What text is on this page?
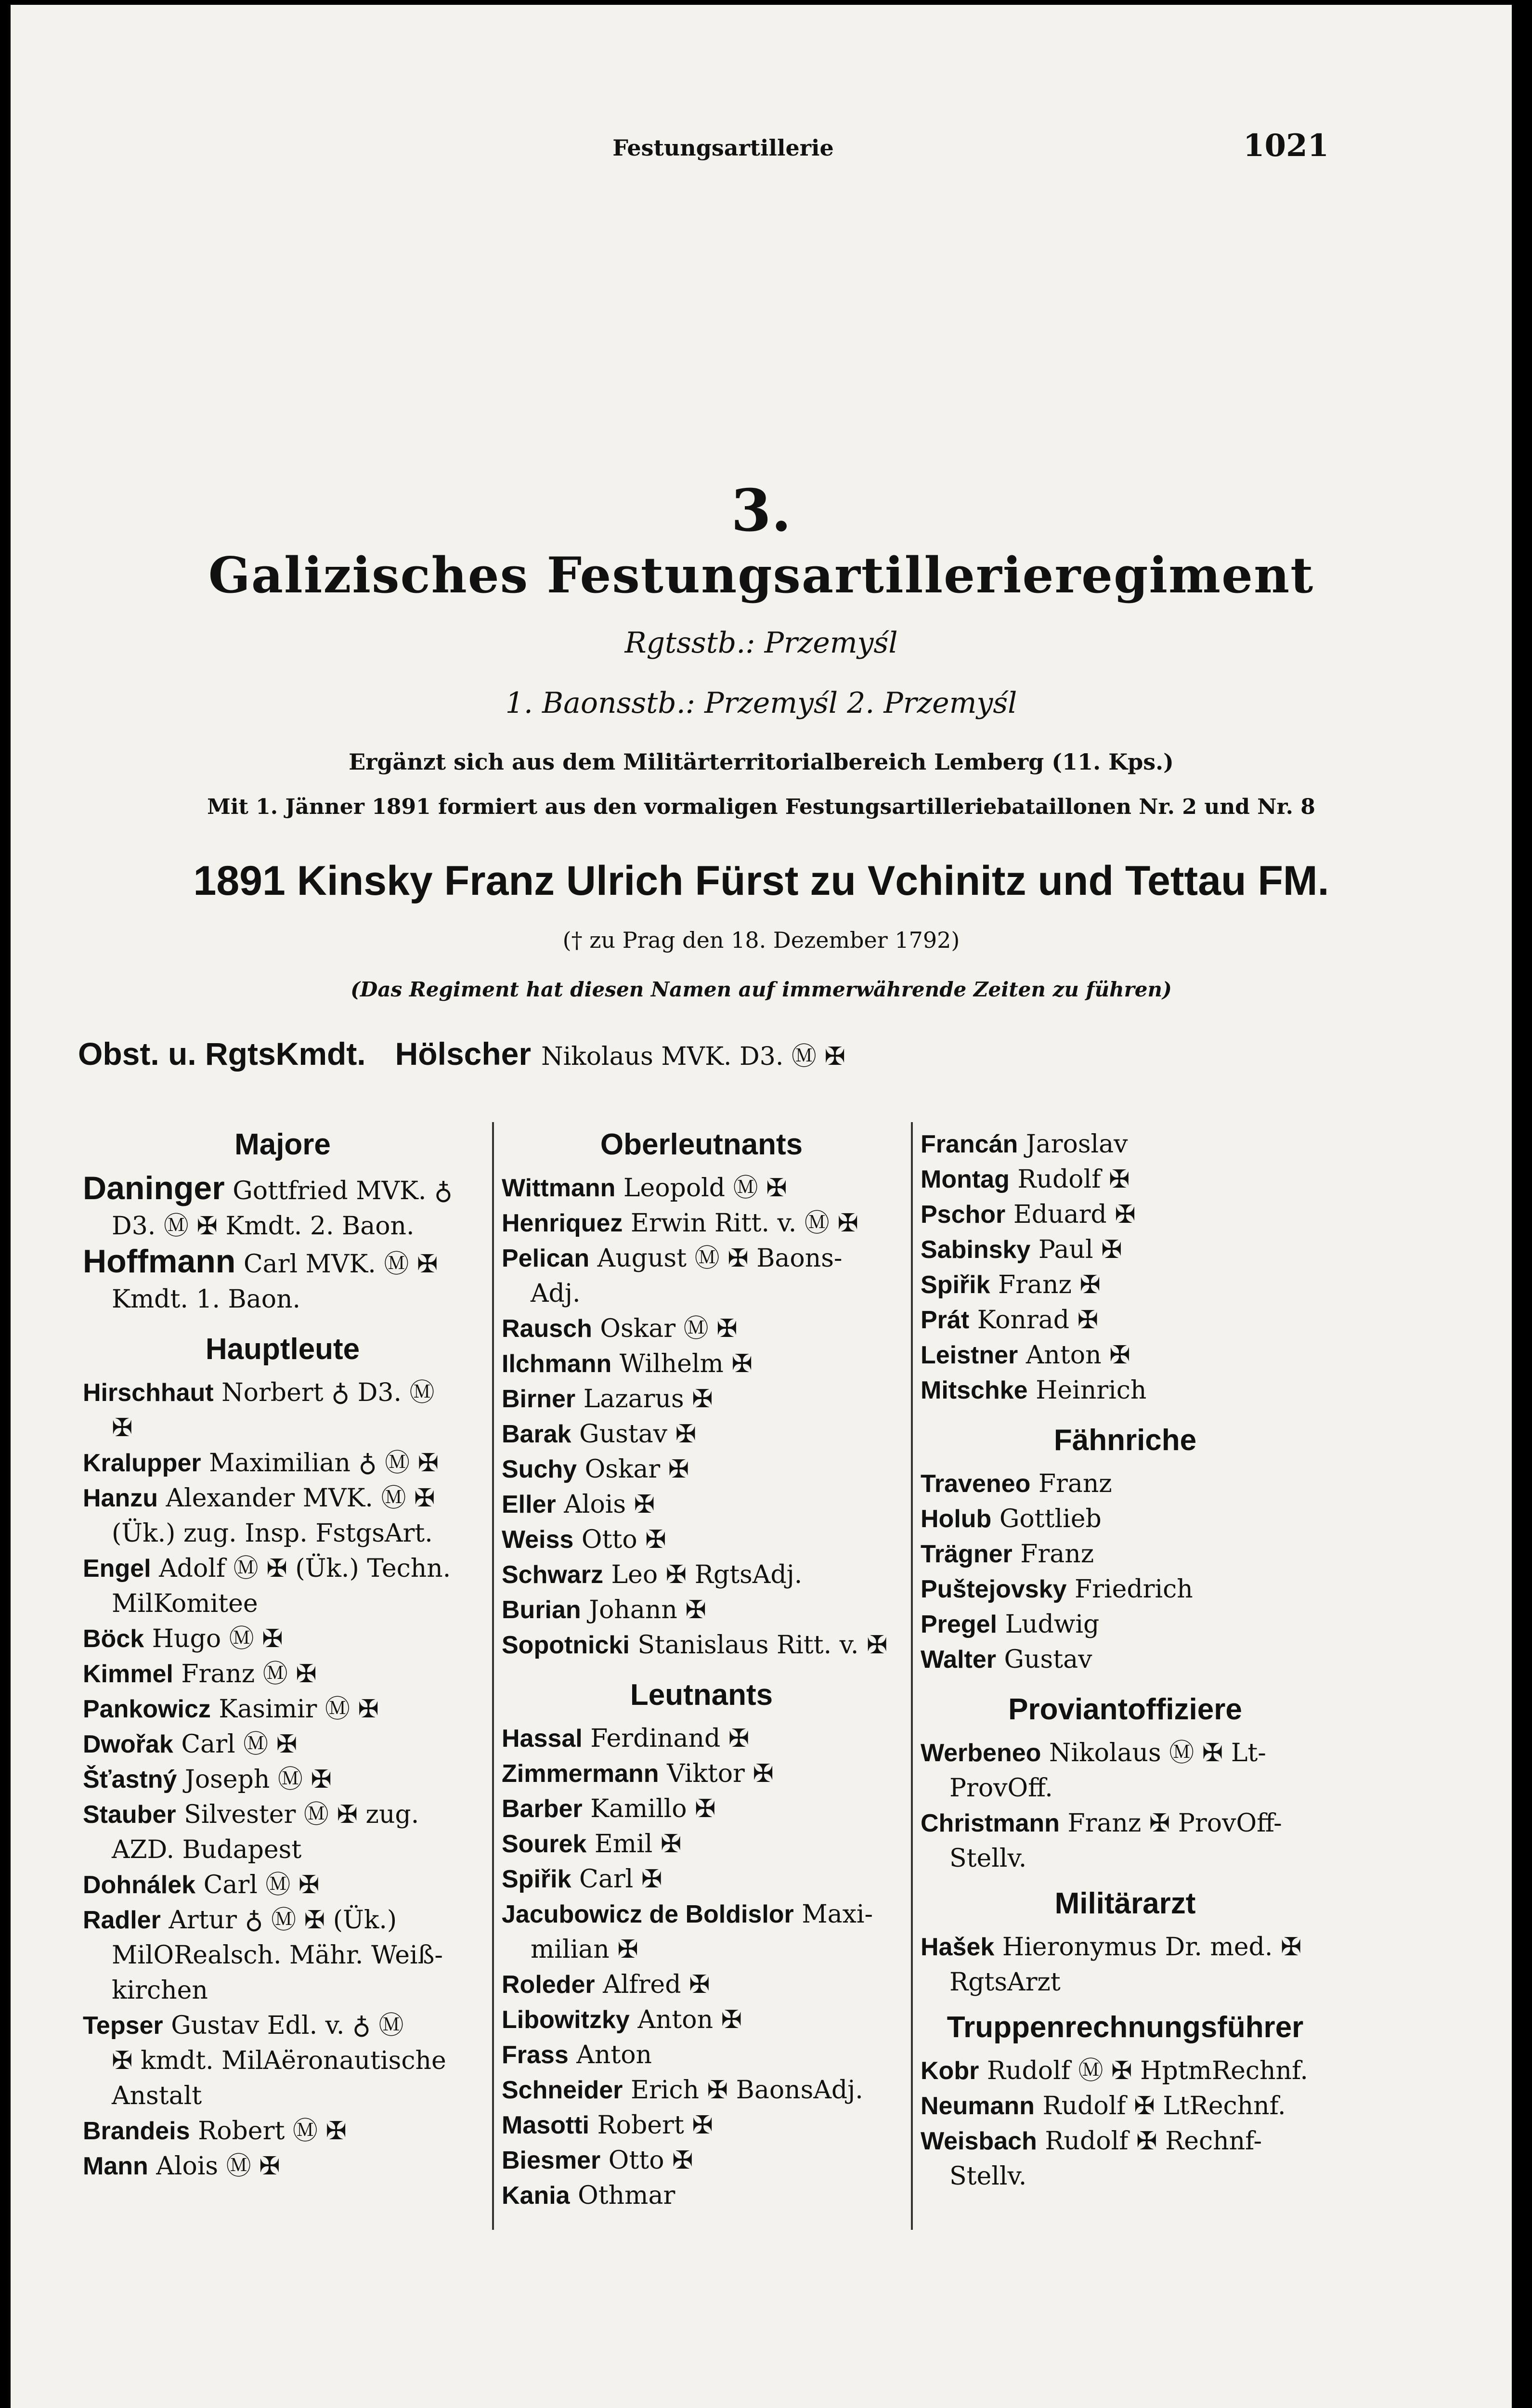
Festungsartillerie	1021
3.
Galizisches Festungsartillerieregiment
Rgtsstb.: Przemyśl
1. Baonsstb.: Przemyśl 2. Przemyśl
Ergänzt sich aus dem Militärterritorialbereich Lemberg (11. Kps.)
Mit 1. Jänner 1891 formiert aus den vormaligen Festungsartilleriebataillonen Nr. 2 und Nr. 8
1891 Kinsky Franz Ulrich Fürst zu Vchinitz und Tettau FM.
(† zu Prag den 18. Dezember 1792)
(Das Regiment hat diesen Namen auf immerwährende Zeiten zu führen)
Obst. u. RgtsKmdt. Hölscher Nikolaus MVK. D3. Ⓜ ✠
Majore
Daninger Gottfried MVK. ♁
D3. Ⓜ ✠ Kmdt. 2. Baon.
Hoffmann Carl MVK. Ⓜ ✠
Kmdt. 1. Baon.
Hauptleute
Hirschhaut Norbert ♁ D3. Ⓜ
✠
Kralupper Maximilian ♁ Ⓜ ✠
Hanzu Alexander MVK. Ⓜ ✠
(Ük.) zug. Insp. FstgsArt.
Engel Adolf Ⓜ ✠ (Ük.) Techn.
MilKomitee
Böck Hugo Ⓜ ✠
Kimmel Franz Ⓜ ✠
Pankowicz Kasimir Ⓜ ✠
Dwořak Carl Ⓜ ✠
Šťastný Joseph Ⓜ ✠
Stauber Silvester Ⓜ ✠ zug.
AZD. Budapest
Dohnálek Carl Ⓜ ✠
Radler Artur ♁ Ⓜ ✠ (Ük.)
MilORealsch. Mähr. Weiß-
kirchen
Tepser Gustav Edl. v. ♁ Ⓜ
✠ kmdt. MilAëronautische
Anstalt
Brandeis Robert Ⓜ ✠
Mann Alois Ⓜ ✠
Oberleutnants
Wittmann Leopold Ⓜ ✠
Henriquez Erwin Ritt. v. Ⓜ ✠
Pelican August Ⓜ ✠ Baons-
Adj.
Rausch Oskar Ⓜ ✠
Ilchmann Wilhelm ✠
Birner Lazarus ✠
Barak Gustav ✠
Suchy Oskar ✠
Eller Alois ✠
Weiss Otto ✠
Schwarz Leo ✠ RgtsAdj.
Burian Johann ✠
Sopotnicki Stanislaus Ritt. v. ✠
Leutnants
Hassal Ferdinand ✠
Zimmermann Viktor ✠
Barber Kamillo ✠
Sourek Emil ✠
Spiřik Carl ✠
Jacubowicz de Boldislor Maxi-
milian ✠
Roleder Alfred ✠
Libowitzky Anton ✠
Frass Anton
Schneider Erich ✠ BaonsAdj.
Masotti Robert ✠
Biesmer Otto ✠
Kania Othmar
Francán Jaroslav
Montag Rudolf ✠
Pschor Eduard ✠
Sabinsky Paul ✠
Spiřik Franz ✠
Prát Konrad ✠
Leistner Anton ✠
Mitschke Heinrich
Fähnriche
Traveneo Franz
Holub Gottlieb
Trägner Franz
Puštejovsky Friedrich
Pregel Ludwig
Walter Gustav
Proviantoffiziere
Werbeneo Nikolaus Ⓜ ✠ Lt-
ProvOff.
Christmann Franz ✠ ProvOff-
Stellv.
Militärarzt
Hašek Hieronymus Dr. med. ✠
RgtsArzt
Truppenrechnungsführer
Kobr Rudolf Ⓜ ✠ HptmRechnf.
Neumann Rudolf ✠ LtRechnf.
Weisbach Rudolf ✠ Rechnf-
Stellv.
